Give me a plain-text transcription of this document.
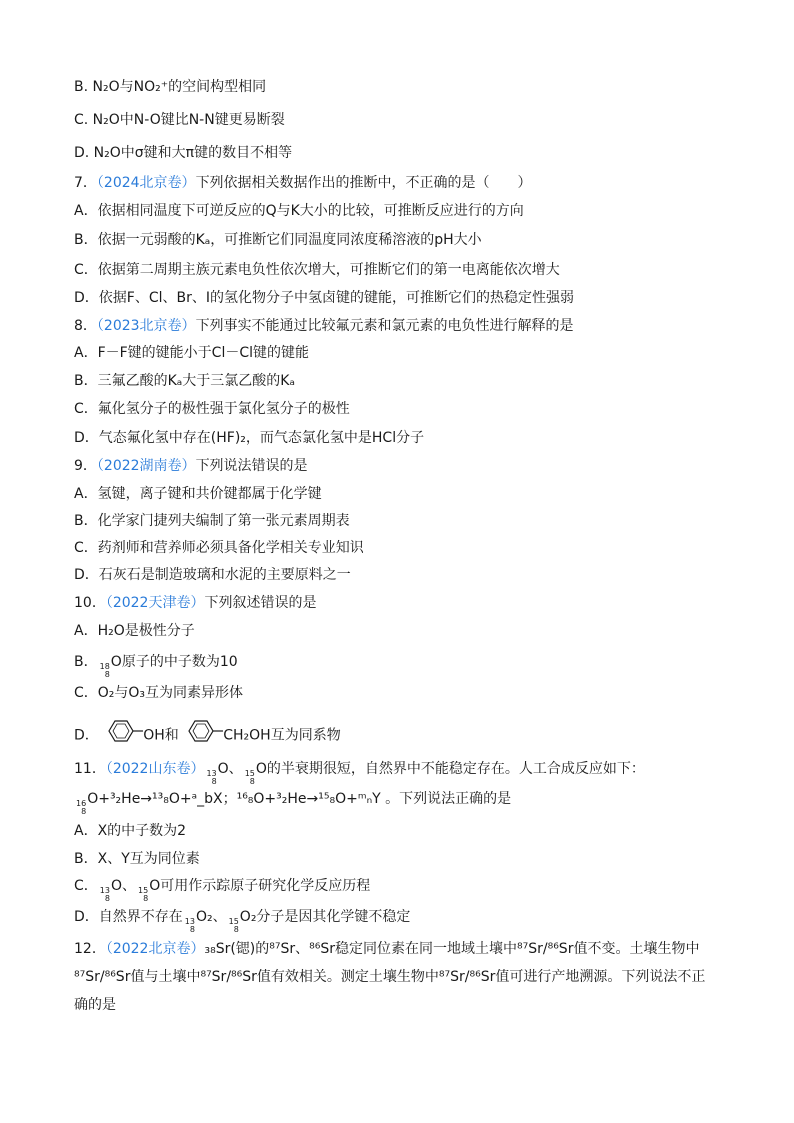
B. N₂O与NO₂⁺的空间构型相同
C. N₂O中N-O键比N-N键更易断裂
D. N₂O中σ键和大π键的数目不相等
7．（2024北京卷）下列依据相关数据作出的推断中，不正确的是（　　）
A．依据相同温度下可逆反应的Q与K大小的比较，可推断反应进行的方向
B．依据一元弱酸的Kₐ，可推断它们同温度同浓度稀溶液的pH大小
C．依据第二周期主族元素电负性依次增大，可推断它们的第一电离能依次增大
D．依据F、Cl、Br、I的氢化物分子中氢卤键的键能，可推断它们的热稳定性强弱
8．（2023北京卷）下列事实不能通过比较氟元素和氯元素的电负性进行解释的是
A．F－F键的键能小于Cl－Cl键的键能
B．三氟乙酸的Kₐ大于三氯乙酸的Kₐ
C．氟化氢分子的极性强于氯化氢分子的极性
D．气态氟化氢中存在(HF)₂，而气态氯化氢中是HCl分子
9．（2022湖南卷）下列说法错误的是
A．氢键，离子键和共价键都属于化学键
B．化学家门捷列夫编制了第一张元素周期表
C．药剂师和营养师必须具备化学相关专业知识
D．石灰石是制造玻璃和水泥的主要原料之一
10．（2022天津卷）下列叙述错误的是
A．H₂O是极性分子
B． 18
8
O原子的中子数为10
C．O₂与O₃互为同素异形体
D．	OH和	CH₂OH互为同系物
11．（2022山东卷） 13
8
O、 15
8
O的半衰期很短，自然界中不能稳定存在。人工合成反应如下：
16
8
O+³₂He→¹³₈O+ᵃ_bX；¹⁶₈O+³₂He→¹⁵₈O+ᵐₙY 。下列说法正确的是
A．X的中子数为2
B．X、Y互为同位素
C． 13
8
O、 15
8
O可用作示踪原子研究化学反应历程
D．自然界不存在 13
8
O₂、 15
8
O₂分子是因其化学键不稳定
12．（2022北京卷）₃₈Sr(锶)的⁸⁷Sr、⁸⁶Sr稳定同位素在同一地域土壤中⁸⁷Sr/⁸⁶Sr值不变。土壤生物中
⁸⁷Sr/⁸⁶Sr值与土壤中⁸⁷Sr/⁸⁶Sr值有效相关。测定土壤生物中⁸⁷Sr/⁸⁶Sr值可进行产地溯源。下列说法不正
确的是
